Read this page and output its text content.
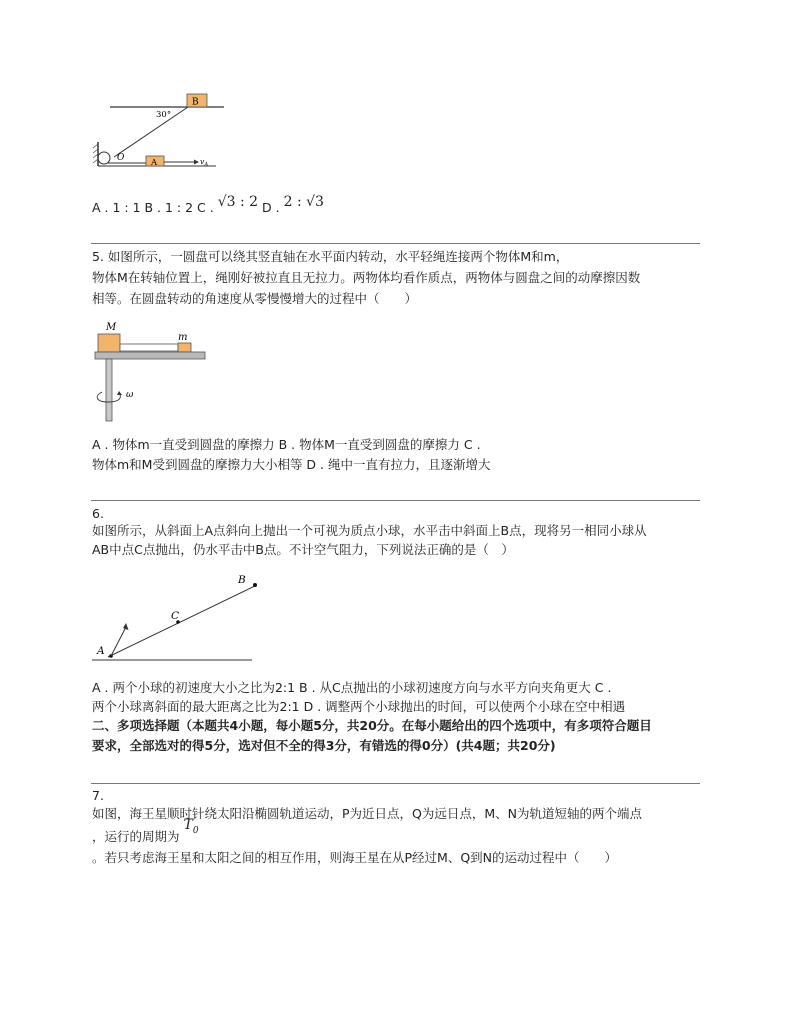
B
30°
O	A	$v_A$
A . 1 : 1 B . 1 : 2 C . √3 : 2 D . 2 : √3
5. 如图所示，一圆盘可以绕其竖直轴在水平面内转动，水平轻绳连接两个物体M和m，
物体M在转轴位置上，绳刚好被拉直且无拉力。两物体均看作质点，两物体与圆盘之间的动摩擦因数
相等。在圆盘转动的角速度从零慢慢增大的过程中（　　）
M
m
ω
A . 物体m一直受到圆盘的摩擦力 B . 物体M一直受到圆盘的摩擦力 C .
物体m和M受到圆盘的摩擦力大小相等 D . 绳中一直有拉力，且逐渐增大
6.
如图所示，从斜面上A点斜向上抛出一个可视为质点小球，水平击中斜面上B点，现将另一相同小球从
AB中点C点抛出，仍水平击中B点。不计空气阻力，下列说法正确的是（　）
A
C
B
A . 两个小球的初速度大小之比为2:1 B . 从C点抛出的小球初速度方向与水平方向夹角更大 C .
两个小球离斜面的最大距离之比为2:1 D . 调整两个小球抛出的时间，可以使两个小球在空中相遇
二、多项选择题（本题共4小题，每小题5分，共20分。在每小题给出的四个选项中，有多项符合题目
要求，全部选对的得5分，选对但不全的得3分，有错选的得0分）(共4题；共20分)
7.
如图，海王星顺时针绕太阳沿椭圆轨道运动，P为近日点，Q为远日点，M、N为轨道短轴的两个端点
，运行的周期为 $T_0$
。若只考虑海王星和太阳之间的相互作用，则海王星在从P经过M、Q到N的运动过程中（　　）
